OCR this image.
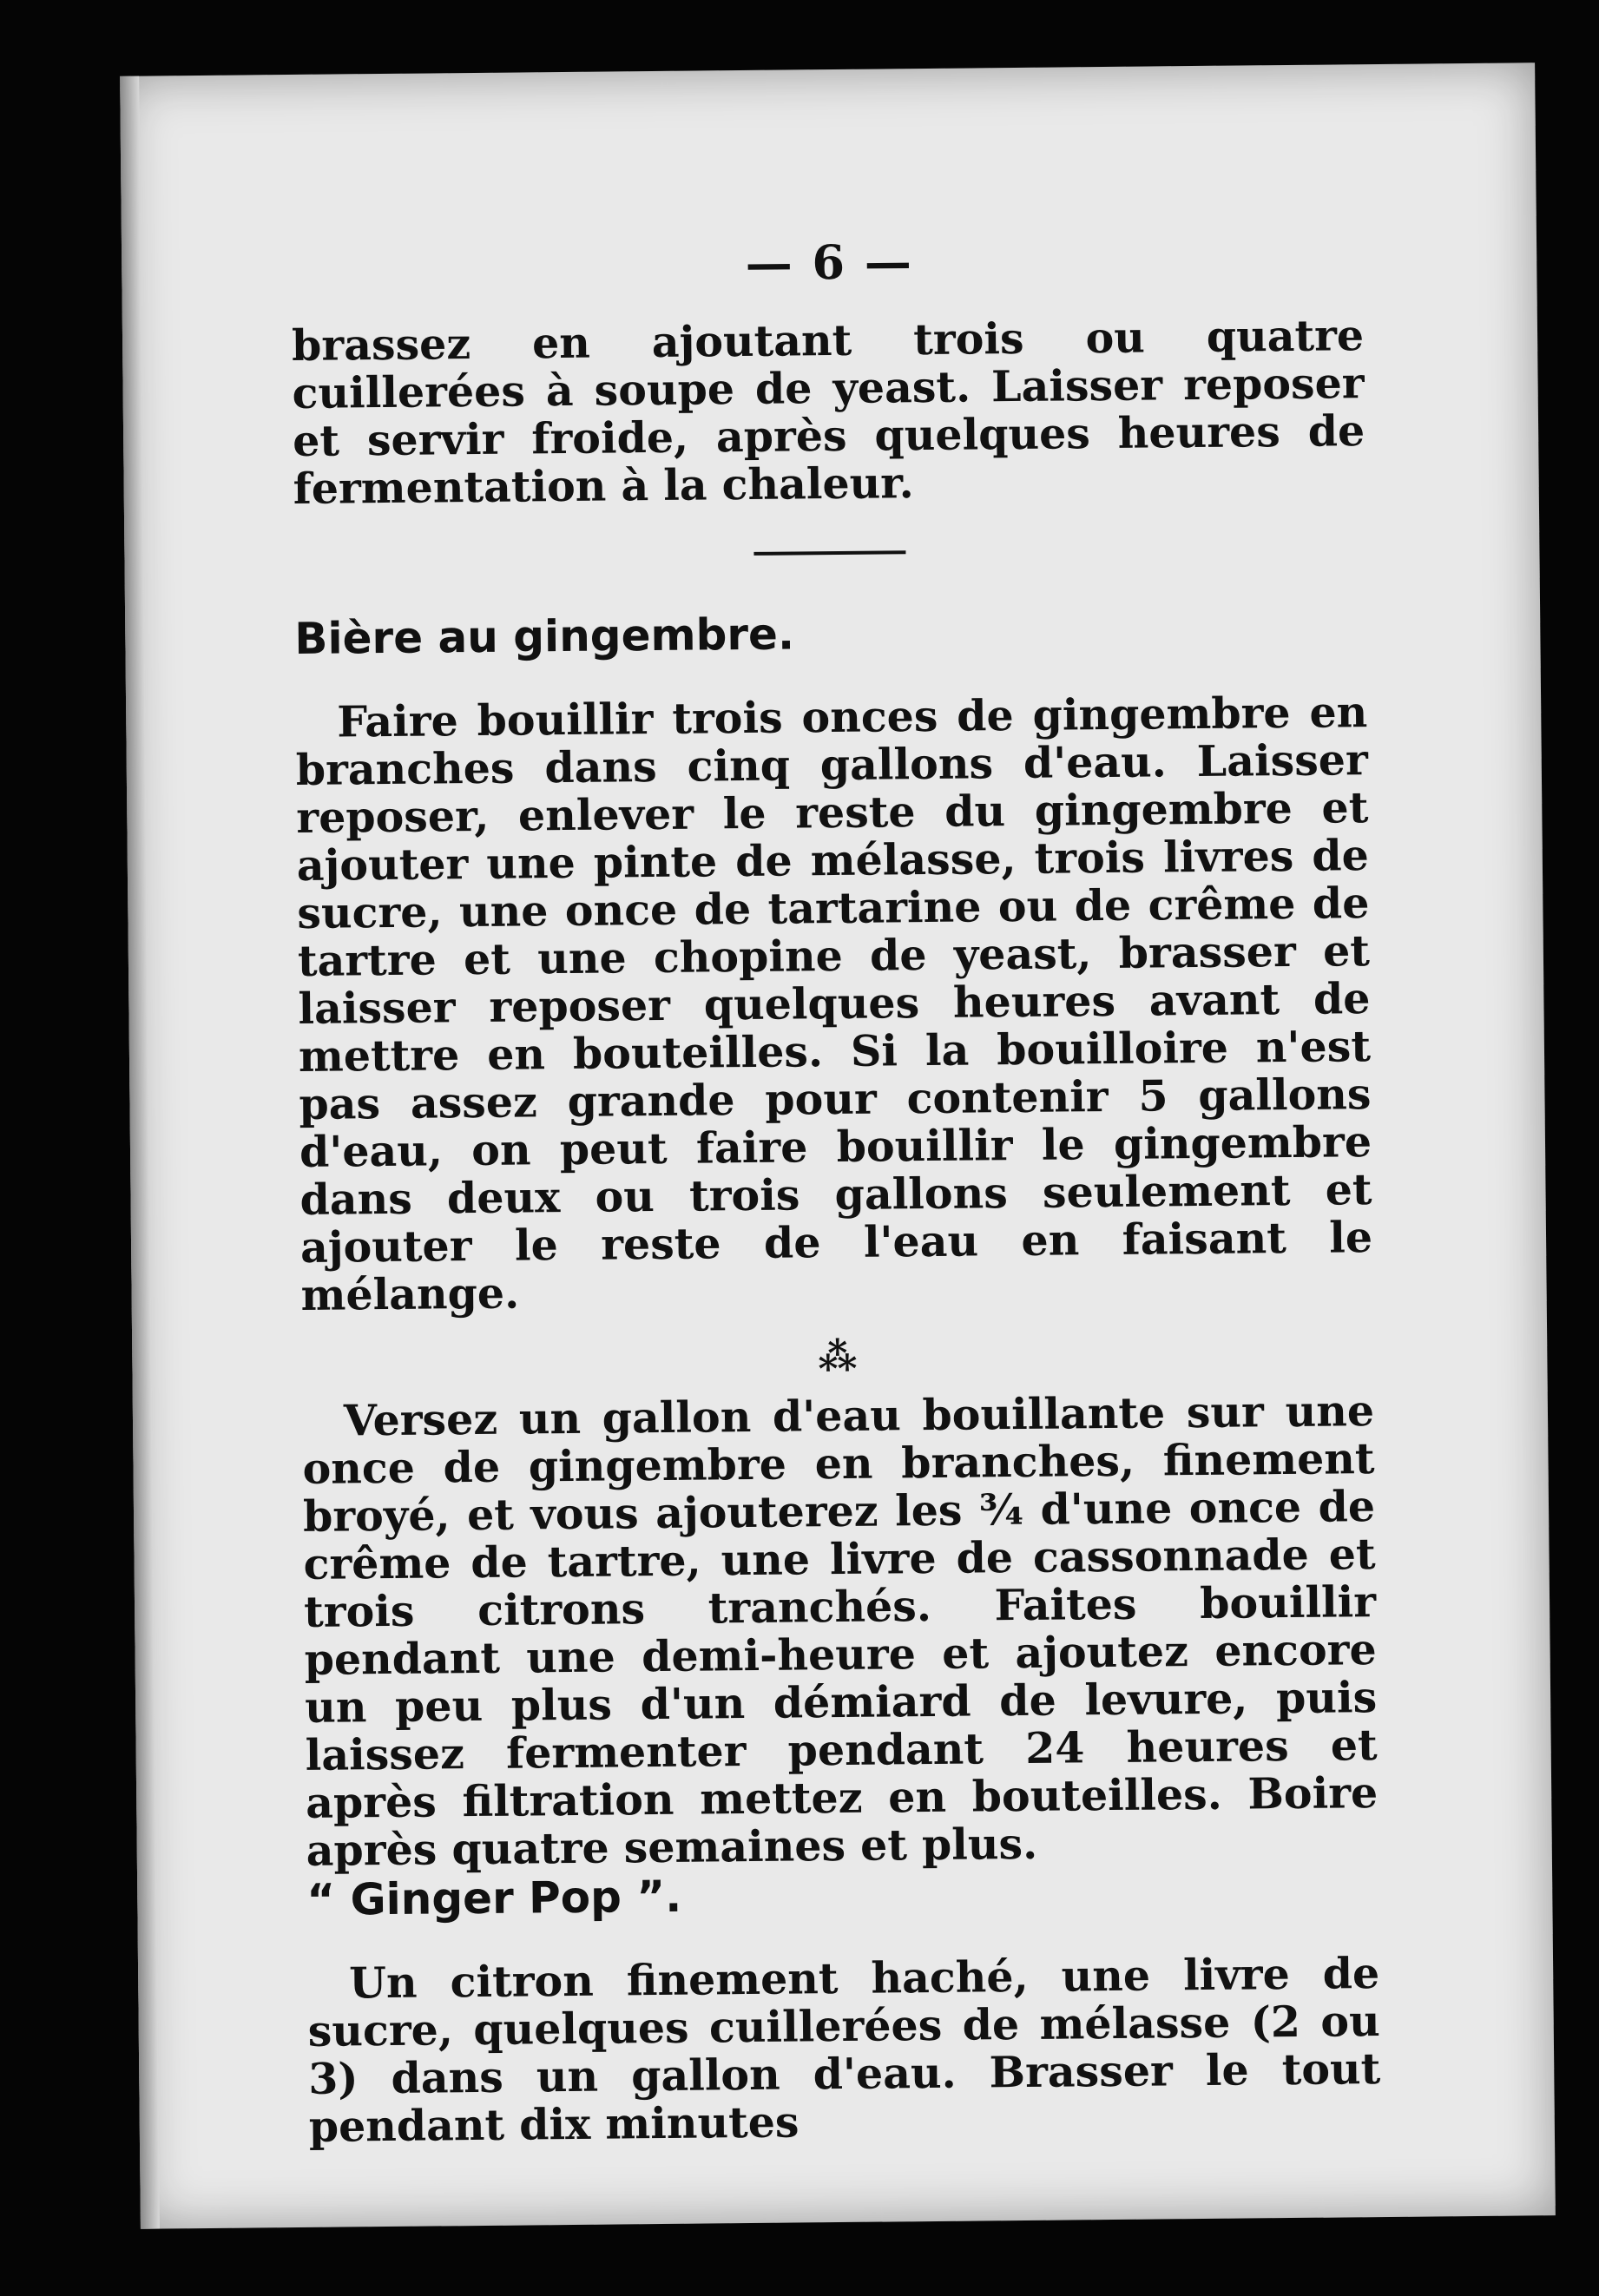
— 6 —

brassez en ajoutant trois ou quatre cuillerées à soupe de yeast. Laisser reposer et servir froide, après quelques heures de fermentation à la chaleur.

Bière au gingembre.

Faire bouillir trois onces de gingembre en branches dans cinq gallons d'eau. Laisser reposer, enlever le reste du gingembre et ajouter une pinte de mélasse, trois livres de sucre, une once de tartarine ou de crême de tartre et une chopine de yeast, brasser et laisser reposer quelques heures avant de mettre en bouteilles. Si la bouilloire n'est pas assez grande pour contenir 5 gallons d'eau, on peut faire bouillir le gingembre dans deux ou trois gallons seulement et ajouter le reste de l'eau en faisant le mélange.

⁂

Versez un gallon d'eau bouillante sur une once de gingembre en branches, finement broyé, et vous ajouterez les ¾ d'une once de crême de tartre, une livre de cassonnade et trois citrons tranchés. Faites bouillir pendant une demi-heure et ajoutez encore un peu plus d'un démiard de levure, puis laissez fermenter pendant 24 heures et après filtration mettez en bouteilles. Boire après quatre semaines et plus.

“ Ginger Pop ”.

Un citron finement haché, une livre de sucre, quelques cuillerées de mélasse (2 ou 3) dans un gallon d'eau. Brasser le tout pendant dix minutes
